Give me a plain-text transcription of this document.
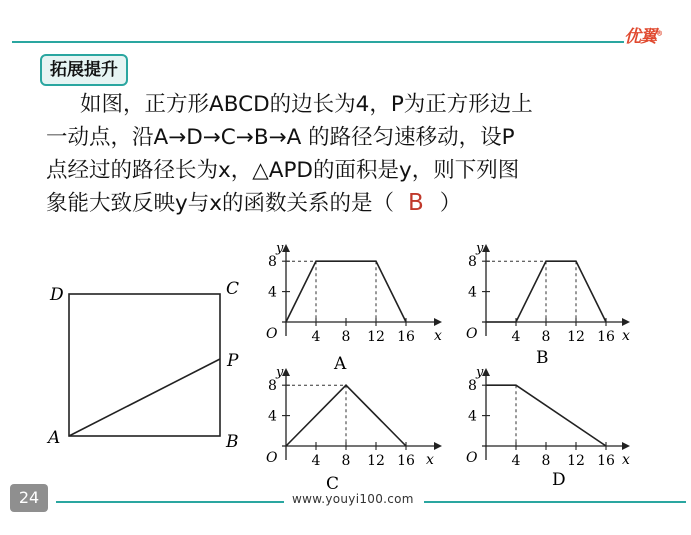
优翼®
拓展提升
如图，正方形ABCD的边长为4，P为正方形边上
一动点，沿A→D→C→B→A 的路径匀速移动，设P
点经过的路径长为x，△APD的面积是y，则下列图
象能大致反映y与x的函数关系的是（ B ）
D	C
P
A	B
y
x
O
4
8
4 8 12 16
A
y
x
O
4
8
4 8 12 16
B
y
x
O
4
8
4 8 12 16
C
y
x
O
4
8
4 8 12 16
D
24	www.youyi100.com
